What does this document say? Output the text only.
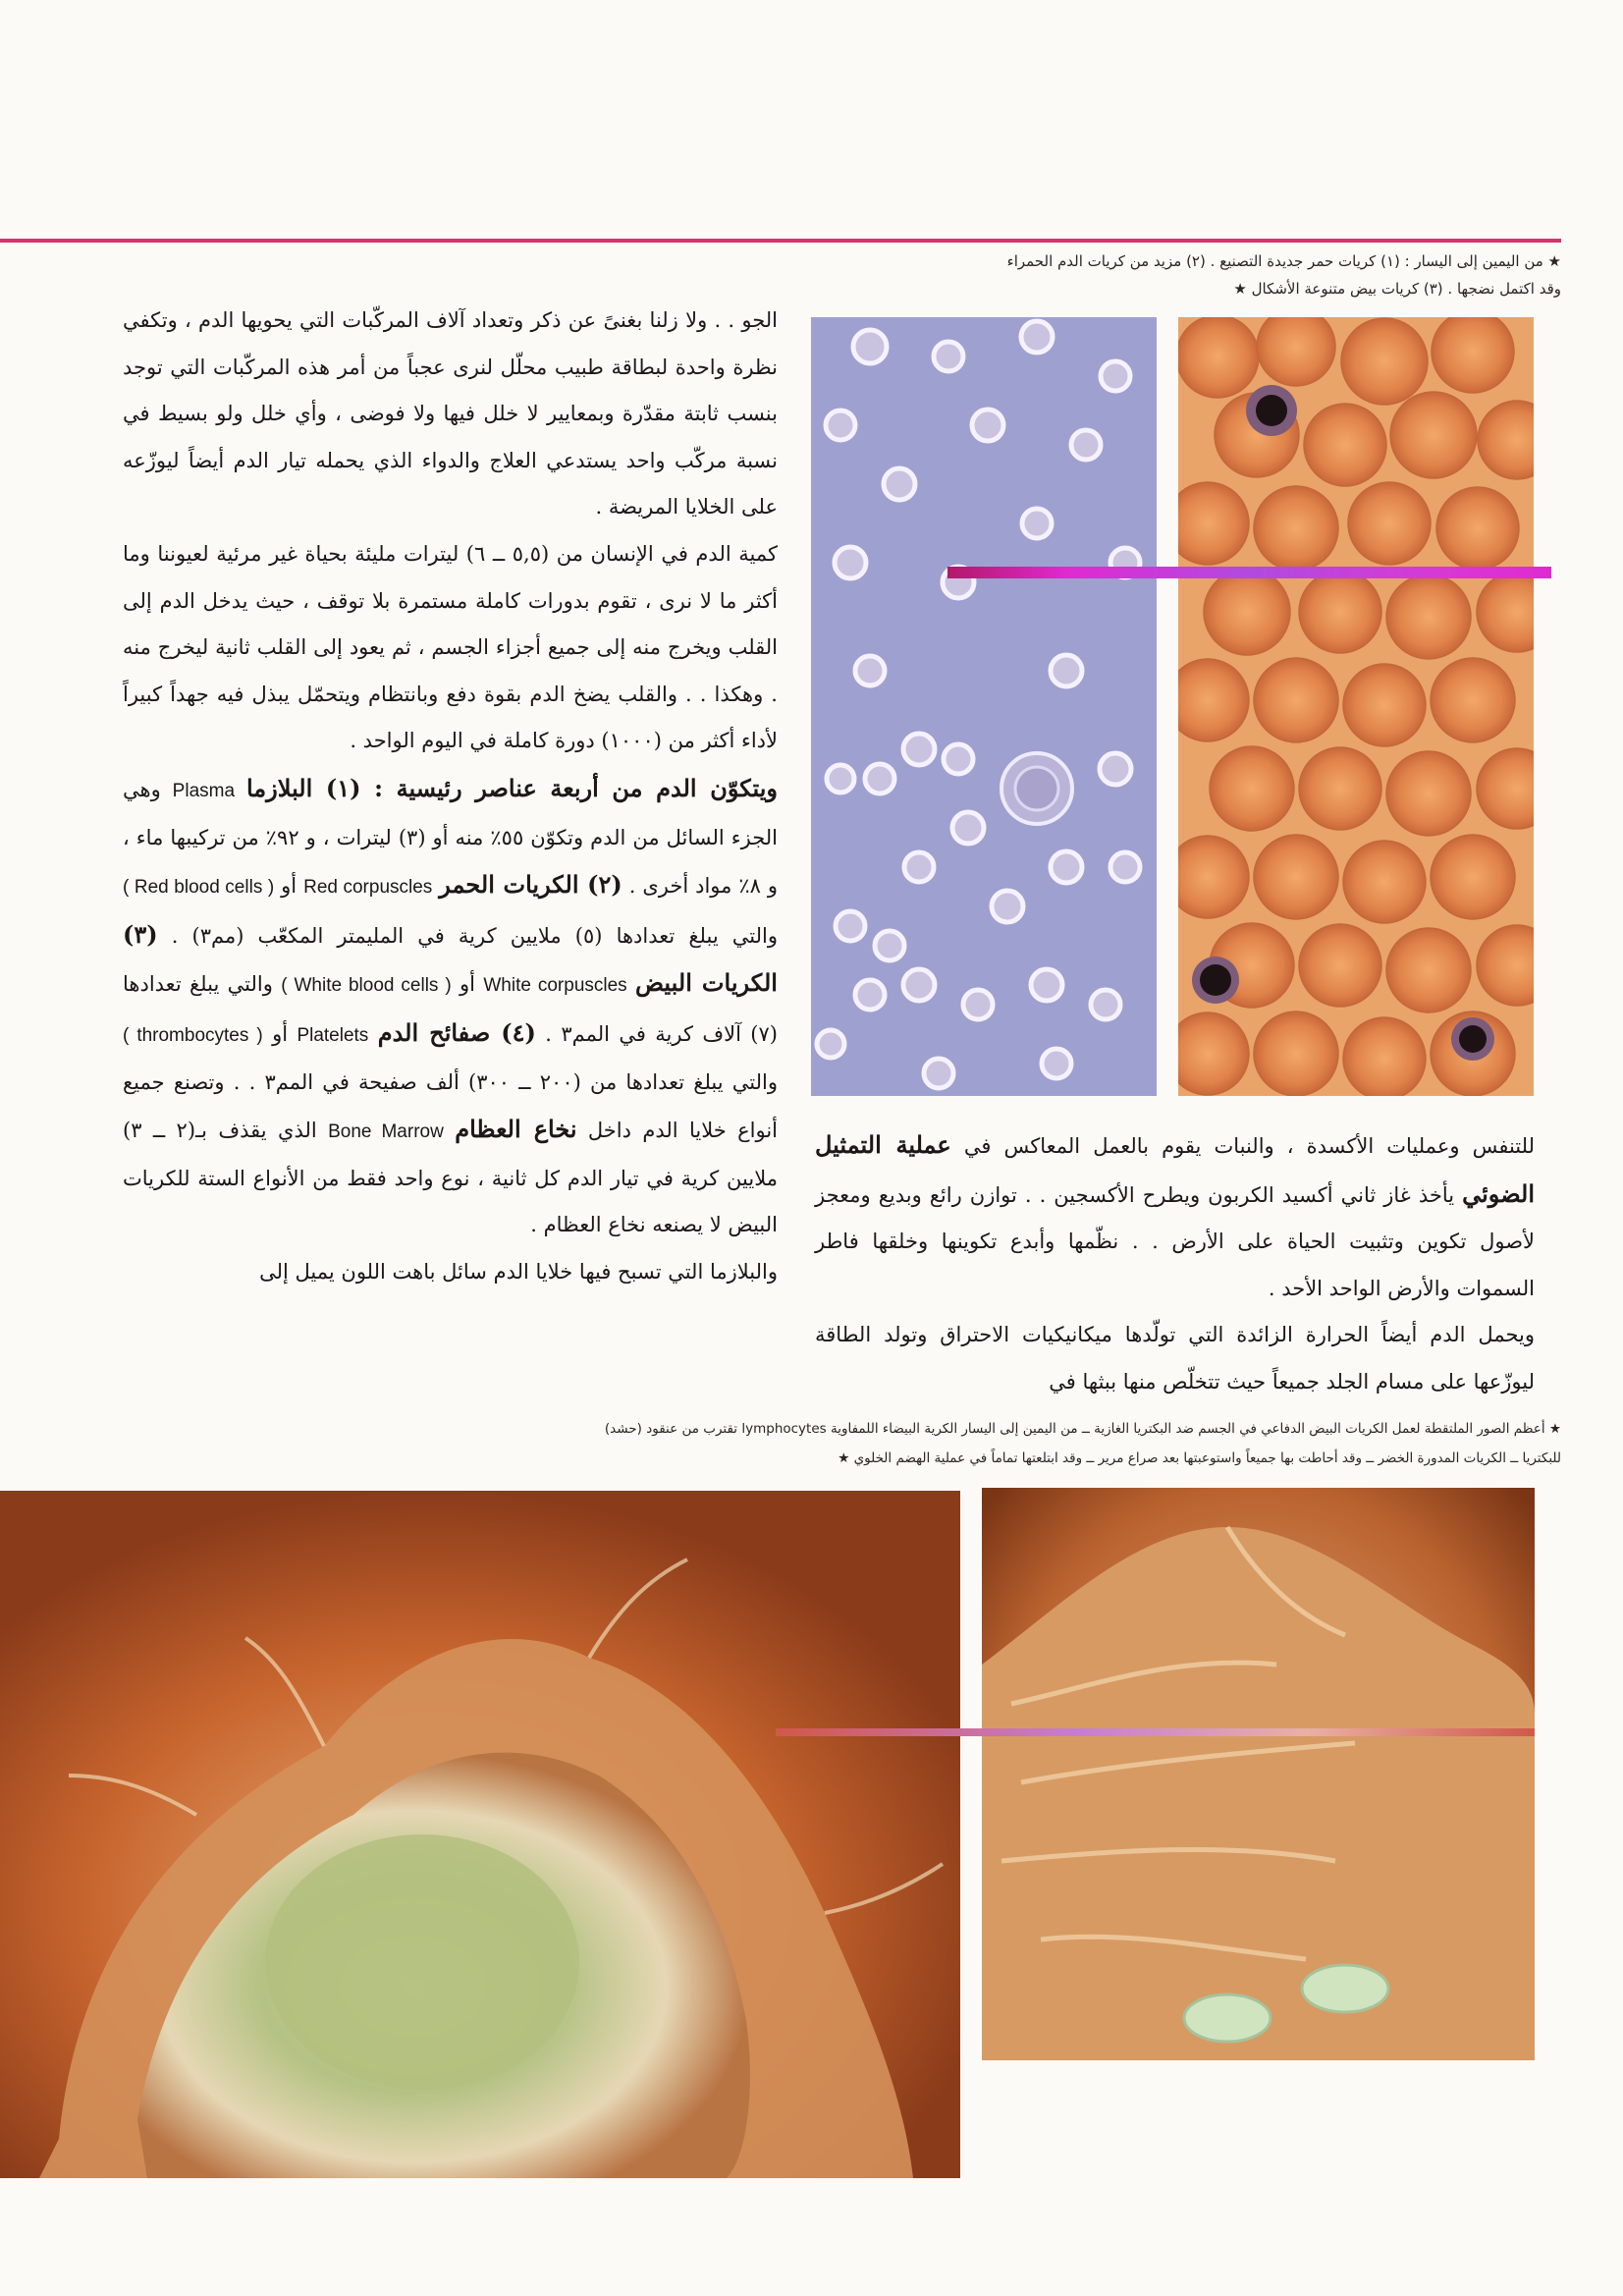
★ من اليمين إلى اليسار : (١) كريات حمر جديدة التصنيع . (٢) مزيد من كريات الدم الحمراء

وقد اكتمل نضجها . (٣) كريات بيض متنوعة الأشكال ★

الجو . . ولا زلنا بغنىً عن ذكر وتعداد آلاف المركّبات التي يحويها الدم ، وتكفي نظرة واحدة لبطاقة طبيب محلّل لنرى عجباً من أمر هذه المركّبات التي توجد بنسب ثابتة مقدّرة وبمعايير لا خلل فيها ولا فوضى ، وأي خلل ولو بسيط في نسبة مركّب واحد يستدعي العلاج والدواء الذي يحمله تيار الدم أيضاً ليوزّعه على الخلايا المريضة .

كمية الدم في الإنسان من (٥,٥ ــ ٦) ليترات مليئة بحياة غير مرئية لعيوننا وما أكثر ما لا نرى ، تقوم بدورات كاملة مستمرة بلا توقف ، حيث يدخل الدم إلى القلب ويخرج منه إلى جميع أجزاء الجسم ، ثم يعود إلى القلب ثانية ليخرج منه . وهكذا . . والقلب يضخ الدم بقوة دفع وبانتظام ويتحمّل يبذل فيه جهداً كبيراً لأداء أكثر من (١٠٠٠) دورة كاملة في اليوم الواحد .

ويتكوّن الدم من أربعة عناصر رئيسية : (١) البلازما Plasma وهي الجزء السائل من الدم وتكوّن ٥٥٪ منه أو (٣) ليترات ، و ٩٢٪ من تركيبها ماء ، و ٨٪ مواد أخرى . (٢) الكريات الحمر Red corpuscles أو ( Red blood cells ) والتي يبلغ تعدادها (٥) ملايين كرية في المليمتر المكعّب (مم٣) . (٣) الكريات البيض White corpuscles أو ( White blood cells ) والتي يبلغ تعدادها (٧) آلاف كرية في المم٣ . (٤) صفائح الدم Platelets أو ( thrombocytes ) والتي يبلغ تعدادها من (٢٠٠ ــ ٣٠٠) ألف صفيحة في المم٣ . . وتصنع جميع أنواع خلايا الدم داخل نخاع العظام Bone Marrow الذي يقذف بـ(٢ ــ ٣) ملايين كرية في تيار الدم كل ثانية ، نوع واحد فقط من الأنواع الستة للكريات البيض لا يصنعه نخاع العظام .

والبلازما التي تسبح فيها خلايا الدم سائل باهت اللون يميل إلى

للتنفس وعمليات الأكسدة ، والنبات يقوم بالعمل المعاكس في عملية التمثيل الضوئي يأخذ غاز ثاني أكسيد الكربون ويطرح الأكسجين . . توازن رائع وبديع ومعجز لأصول تكوين وتثبيت الحياة على الأرض . . نظّمها وأبدع تكوينها وخلقها فاطر السموات والأرض الواحد الأحد .

ويحمل الدم أيضاً الحرارة الزائدة التي تولّدها ميكانيكيات الاحتراق وتولد الطاقة ليوزّعها على مسام الجلد جميعاً حيث تتخلّص منها ببثها في

★ أعظم الصور الملتقطة لعمل الكريات البيض الدفاعي في الجسم ضد البكتريا الغازية ــ من اليمين إلى اليسار الكرية البيضاء اللمفاوية lymphocytes تقترب من عنقود (حشد)

للبكتريا ــ الكريات المدورة الخضر ــ وقد أحاطت بها جميعاً واستوعبتها بعد صراع مرير ــ وقد ابتلعتها تماماً في عملية الهضم الخلوي ★
